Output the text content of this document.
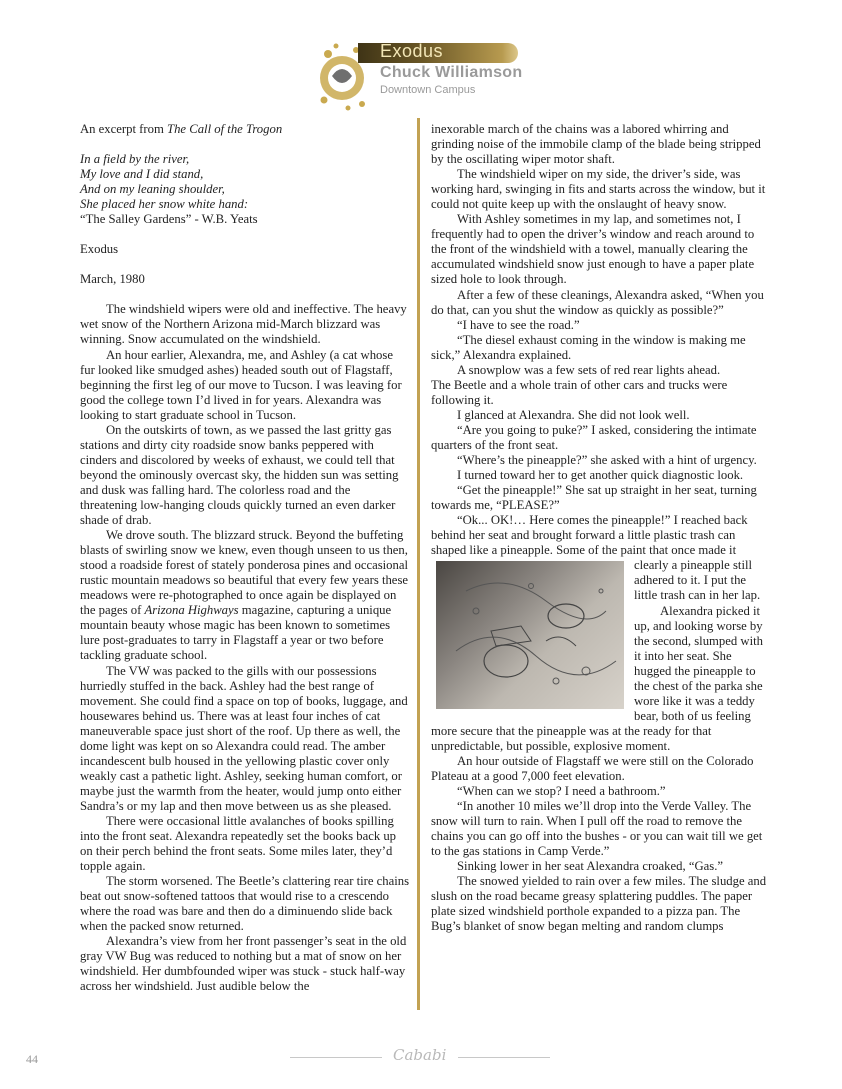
Exodus
Chuck Williamson
Downtown Campus

An excerpt from The Call of the Trogon

In a field by the river,

My love and I did stand,

And on my leaning shoulder,

She placed her snow white hand:

“The Salley Gardens” - W.B. Yeats

Exodus

March, 1980

The windshield wipers were old and ineffective. The heavy wet snow of the Northern Arizona mid-March blizzard was winning. Snow accumulated on the windshield.

An hour earlier, Alexandra, me, and Ashley (a cat whose fur looked like smudged ashes) headed south out of Flagstaff, beginning the first leg of our move to Tucson. I was leaving for good the college town I’d lived in for years. Alexandra was looking to start graduate school in Tucson.

On the outskirts of town, as we passed the last gritty gas stations and dirty city roadside snow banks peppered with cinders and discolored by weeks of exhaust, we could tell that beyond the ominously overcast sky, the hidden sun was setting and dusk was falling hard. The colorless road and the threatening low-hanging clouds quickly turned an even darker shade of drab.

We drove south. The blizzard struck. Beyond the buffeting blasts of swirling snow we knew, even though unseen to us then, stood a roadside forest of stately ponderosa pines and occasional rustic mountain meadows so beautiful that every few years these meadows were re-photographed to once again be displayed on the pages of Arizona Highways magazine, capturing a unique mountain beauty whose magic has been known to sometimes lure post-graduates to tarry in Flagstaff a year or two before tackling graduate school.

The VW was packed to the gills with our possessions hurriedly stuffed in the back. Ashley had the best range of movement. She could find a space on top of books, luggage, and housewares behind us. There was at least four inches of cat maneuverable space just short of the roof. Up there as well, the dome light was kept on so Alexandra could read. The amber incandescent bulb housed in the yellowing plastic cover only weakly cast a pathetic light. Ashley, seeking human comfort, or maybe just the warmth from the heater, would jump onto either Sandra’s or my lap and then move between us as she pleased.

There were occasional little avalanches of books spilling into the front seat. Alexandra repeatedly set the books back up on their perch behind the front seats. Some miles later, they’d topple again.

The storm worsened. The Beetle’s clattering rear tire chains beat out snow-softened tattoos that would rise to a crescendo where the road was bare and then do a diminuendo slide back when the packed snow returned.

Alexandra’s view from her front passenger’s seat in the old gray VW Bug was reduced to nothing but a mat of snow on her windshield. Her dumbfounded wiper was stuck - stuck half-way across her windshield. Just audible below the

inexorable march of the chains was a labored whirring and grinding noise of the immobile clamp of the blade being stripped by the oscillating wiper motor shaft.

The windshield wiper on my side, the driver’s side, was working hard, swinging in fits and starts across the window, but it could not quite keep up with the onslaught of heavy snow.

With Ashley sometimes in my lap, and sometimes not, I frequently had to open the driver’s window and reach around to the front of the windshield with a towel, manually clearing the accumulated windshield snow just enough to have a paper plate sized hole to look through.

After a few of these cleanings, Alexandra asked, “When you do that, can you shut the window as quickly as possible?”

“I have to see the road.”

“The diesel exhaust coming in the window is making me sick,” Alexandra explained.

A snowplow was a few sets of red rear lights ahead.

The Beetle and a whole train of other cars and trucks were following it.

I glanced at Alexandra. She did not look well.

“Are you going to puke?” I asked, considering the intimate quarters of the front seat.

“Where’s the pineapple?” she asked with a hint of urgency.

I turned toward her to get another quick diagnostic look.

“Get the pineapple!” She sat up straight in her seat, turning towards me, “PLEASE?”

“Ok... OK!… Here comes the pineapple!” I reached back behind her seat and brought forward a little plastic trash can shaped like a pineapple. Some of the paint that once made it

clearly a pineapple still adhered to it. I put the little trash can in her lap.

Alexandra picked it up, and looking worse by the second, slumped with it into her seat. She hugged the pineapple to the chest of the parka she wore like it was a teddy bear, both of us feeling more secure that the pineapple was at the ready for that unpredictable, but possible, explosive moment.

An hour outside of Flagstaff we were still on the Colorado Plateau at a good 7,000 feet elevation.

“When can we stop? I need a bathroom.”

“In another 10 miles we’ll drop into the Verde Valley. The snow will turn to rain. When I pull off the road to remove the chains you can go off into the bushes - or you can wait till we get to the gas stations in Camp Verde.”

Sinking lower in her seat Alexandra croaked, “Gas.”

The snowed yielded to rain over a few miles. The sludge and slush on the road became greasy splattering puddles. The paper plate sized windshield porthole expanded to a pizza pan. The Bug’s blanket of snow began melting and random clumps

44	Cababi
